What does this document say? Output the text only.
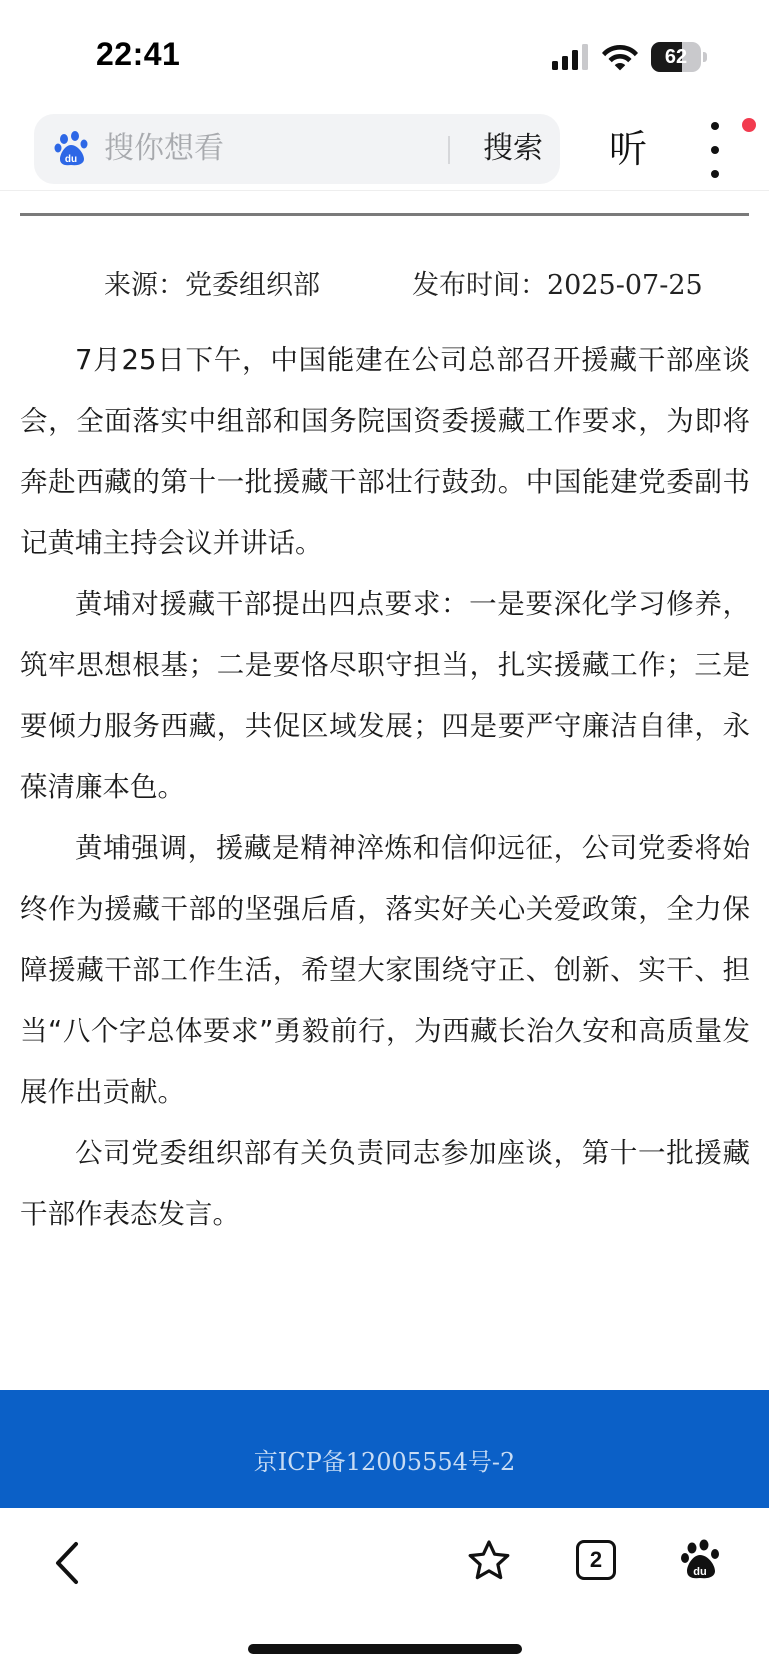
22:41	62
du 搜你想看	搜索	听
来源：党委组织部	发布时间：2025-07-25

7月25日下午，中国能建在公司总部召开援藏干部座谈会，全面落实中组部和国务院国资委援藏工作要求，为即将奔赴西藏的第十一批援藏干部壮行鼓劲。中国能建党委副书记黄埔主持会议并讲话。

黄埔对援藏干部提出四点要求：一是要深化学习修养，筑牢思想根基；二是要恪尽职守担当，扎实援藏工作；三是要倾力服务西藏，共促区域发展；四是要严守廉洁自律，永葆清廉本色。

黄埔强调，援藏是精神淬炼和信仰远征，公司党委将始终作为援藏干部的坚强后盾，落实好关心关爱政策，全力保障援藏干部工作生活，希望大家围绕守正、创新、实干、担当“八个字总体要求”勇毅前行，为西藏长治久安和高质量发展作出贡献。

公司党委组织部有关负责同志参加座谈，第十一批援藏干部作表态发言。

京ICP备12005554号-2
2	du
